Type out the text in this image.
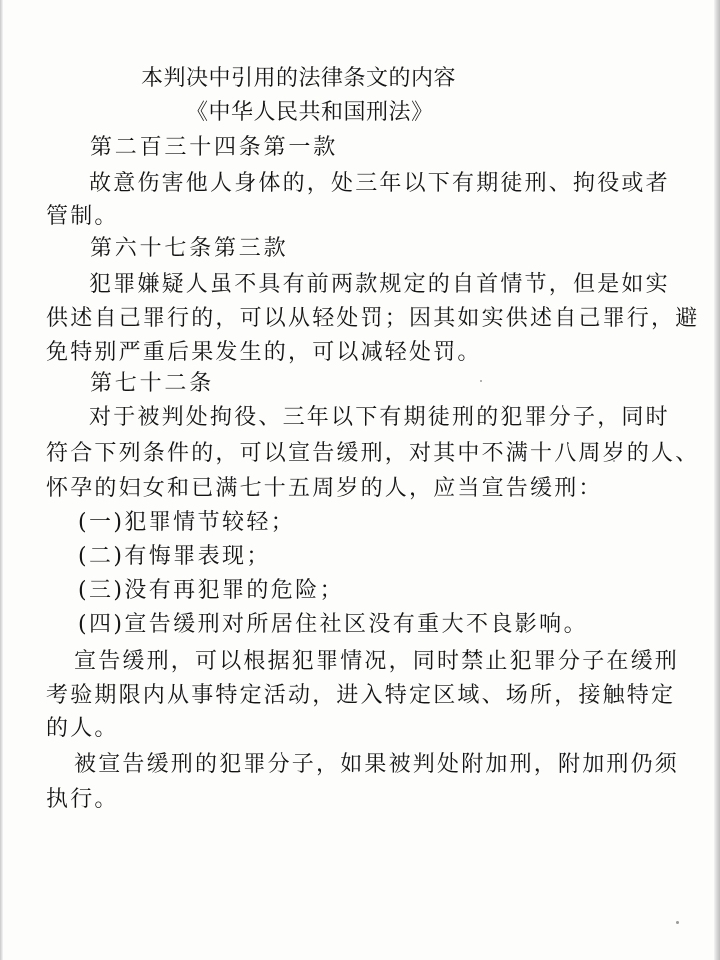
本判决中引用的法律条文的内容
《中华人民共和国刑法》
第二百三十四条第一款
故意伤害他人身体的，处三年以下有期徒刑、拘役或者
管制。
第六十七条第三款
犯罪嫌疑人虽不具有前两款规定的自首情节，但是如实
供述自己罪行的，可以从轻处罚；因其如实供述自己罪行，避
免特别严重后果发生的，可以减轻处罚。
第七十二条
对于被判处拘役、三年以下有期徒刑的犯罪分子，同时
符合下列条件的，可以宣告缓刑，对其中不满十八周岁的人、
怀孕的妇女和已满七十五周岁的人，应当宣告缓刑：
(一)犯罪情节较轻；
(二)有悔罪表现；
(三)没有再犯罪的危险；
(四)宣告缓刑对所居住社区没有重大不良影响。
宣告缓刑，可以根据犯罪情况，同时禁止犯罪分子在缓刑
考验期限内从事特定活动，进入特定区域、场所，接触特定
的人。
被宣告缓刑的犯罪分子，如果被判处附加刑，附加刑仍须
执行。
